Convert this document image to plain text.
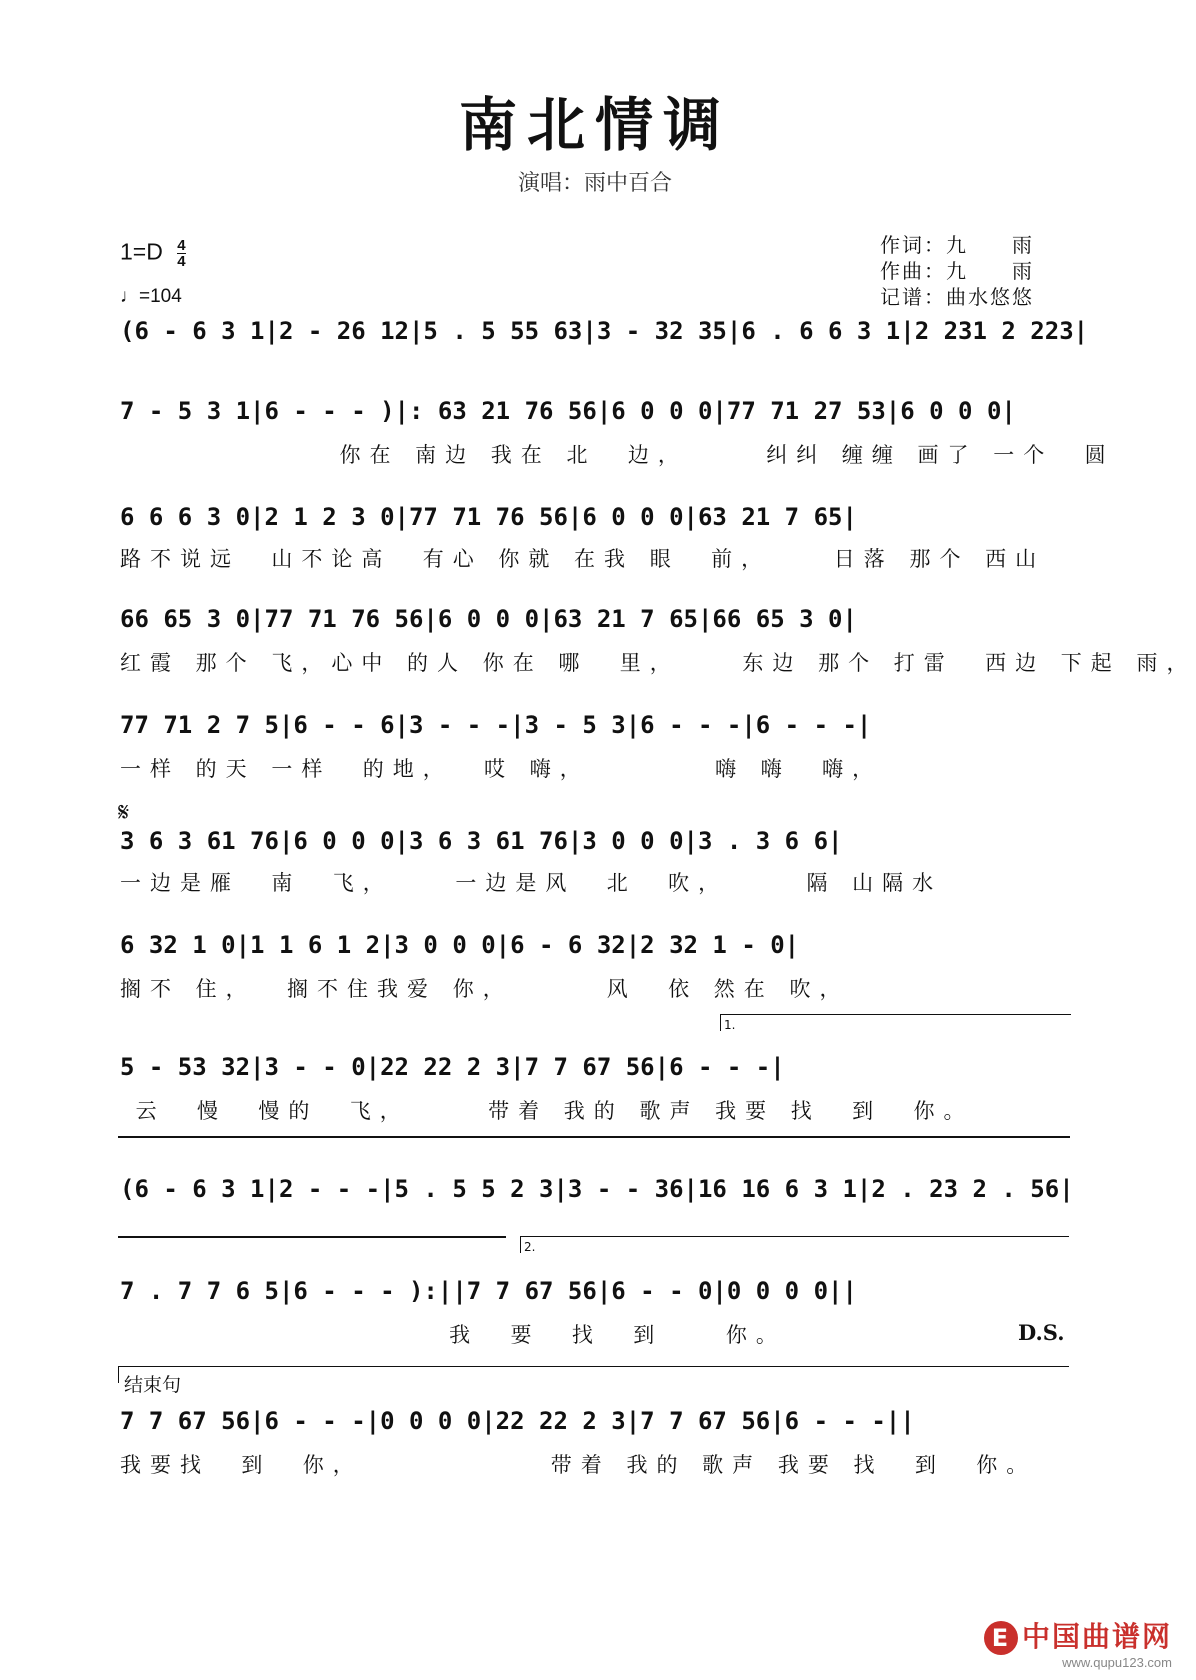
南北情调
演唱：雨中百合
$1=D \frac{4}{4}$
♩=104
作词：九　　雨
作曲：九　　雨
记谱：曲水悠悠
(6 - 6 3 1|2 - 26 12|5 . 5 55 63|3 - 32 35|6 . 6 6 3 1|2 231 2 223|
7 - 5 3 1|6 - - - )|: 63 21 76 56|6 0 0 0|77 71 27 53|6 0 0 0|
你在 南边 我在 北  边，     纠纠 缠缠 画了 一个  圆
6 6 6 3 0|2 1 2 3 0|77 71 76 56|6 0 0 0|63 21 7 65|
路不说远  山不论高  有心 你就 在我 眼  前，    日落 那个 西山
66 65 3 0|77 71 76 56|6 0 0 0|63 21 7 65|66 65 3 0|
红霞 那个 飞，心中 的人 你在 哪  里，    东边 那个 打雷  西边 下起 雨，
77 71 2 7 5|6 - - 6|3 - - -|3 - 5 3|6 - - -|6 - - -|
一样 的天 一样  的地，  哎 嗨，        嗨 嗨  嗨，
𝄋
3 6 3 61 76|6 0 0 0|3 6 3 61 76|3 0 0 0|3 . 3 6 6|
一边是雁  南  飞，    一边是风  北  吹，     隔 山隔水
6 32 1 0|1 1 6 1 2|3 0 0 0|6 - 6 32|2 32 1 - 0|
搁不 住，  搁不住我爱 你，      风  依 然在 吹，
1.
5 - 53 32|3 - - 0|22 22 2 3|7 7 67 56|6 - - -|
云  慢  慢的  飞，     带着 我的 歌声 我要 找  到  你。
(6 - 6 3 1|2 - - -|5 . 5 5 2 3|3 - - 36|16 16 6 3 1|2 . 23 2 . 56|
2.
7 . 7 7 6 5|6 - - - ):||7 7 67 56|6 - - 0|0 0 0 0||
我  要  找  到    你。	D.S.
结束句
7 7 67 56|6 - - -|0 0 0 0|22 22 2 3|7 7 67 56|6 - - -||
我要找  到  你，            带着 我的 歌声 我要 找  到  你。
E 中国曲谱网
www.qupu123.com
